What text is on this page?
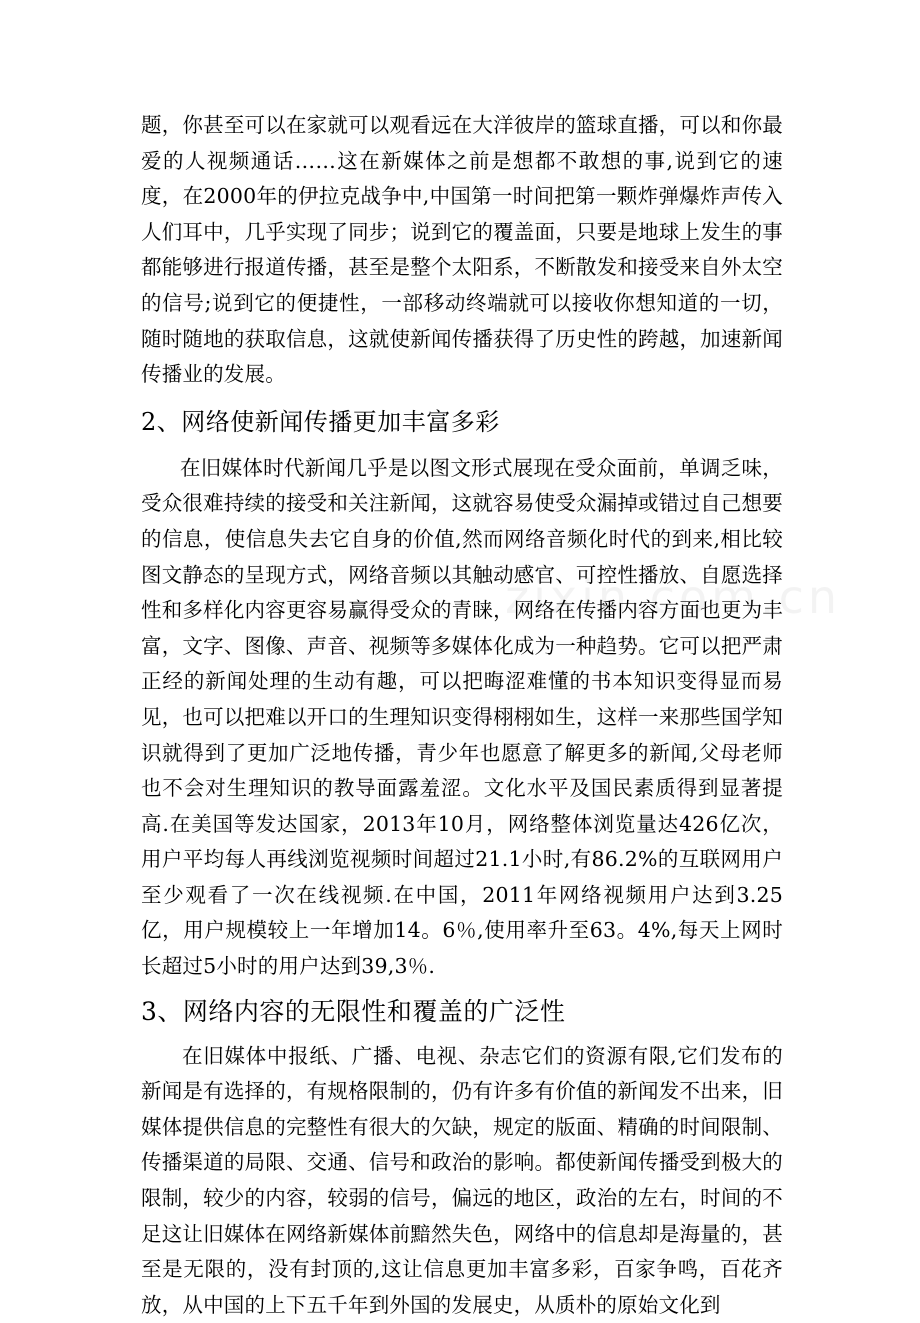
题，你甚至可以在家就可以观看远在大洋彼岸的篮球直播，可以和你最爱的人视频通话……这在新媒体之前是想都不敢想的事,说到它的速度，在2000年的伊拉克战争中,中国第一时间把第一颗炸弹爆炸声传入人们耳中，几乎实现了同步；说到它的覆盖面，只要是地球上发生的事都能够进行报道传播，甚至是整个太阳系，不断散发和接受来自外太空的信号;说到它的便捷性，一部移动终端就可以接收你想知道的一切，随时随地的获取信息，这就使新闻传播获得了历史性的跨越，加速新闻传播业的发展。

2、网络使新闻传播更加丰富多彩

在旧媒体时代新闻几乎是以图文形式展现在受众面前，单调乏味，受众很难持续的接受和关注新闻，这就容易使受众漏掉或错过自己想要的信息，使信息失去它自身的价值,然而网络音频化时代的到来,相比较图文静态的呈现方式，网络音频以其触动感官、可控性播放、自愿选择性和多样化内容更容易赢得受众的青睐，网络在传播内容方面也更为丰富，文字、图像、声音、视频等多媒体化成为一种趋势。它可以把严肃正经的新闻处理的生动有趣，可以把晦涩难懂的书本知识变得显而易见，也可以把难以开口的生理知识变得栩栩如生，这样一来那些国学知识就得到了更加广泛地传播，青少年也愿意了解更多的新闻,父母老师也不会对生理知识的教导面露羞涩。文化水平及国民素质得到显著提高.在美国等发达国家，2013年10月，网络整体浏览量达426亿次，用户平均每人再线浏览视频时间超过21.1小时,有86.2%的互联网用户至少观看了一次在线视频.在中国，2011年网络视频用户达到3.25亿，用户规模较上一年增加14。6％,使用率升至63。4%,每天上网时长超过5小时的用户达到39,3％.

3、网络内容的无限性和覆盖的广泛性

在旧媒体中报纸、广播、电视、杂志它们的资源有限,它们发布的新闻是有选择的，有规格限制的，仍有许多有价值的新闻发不出来，旧媒体提供信息的完整性有很大的欠缺，规定的版面、精确的时间限制、传播渠道的局限、交通、信号和政治的影响。都使新闻传播受到极大的限制，较少的内容，较弱的信号，偏远的地区，政治的左右，时间的不足这让旧媒体在网络新媒体前黯然失色，网络中的信息却是海量的，甚至是无限的，没有封顶的,这让信息更加丰富多彩，百家争鸣，百花齐放，从中国的上下五千年到外国的发展史，从质朴的原始文化到
